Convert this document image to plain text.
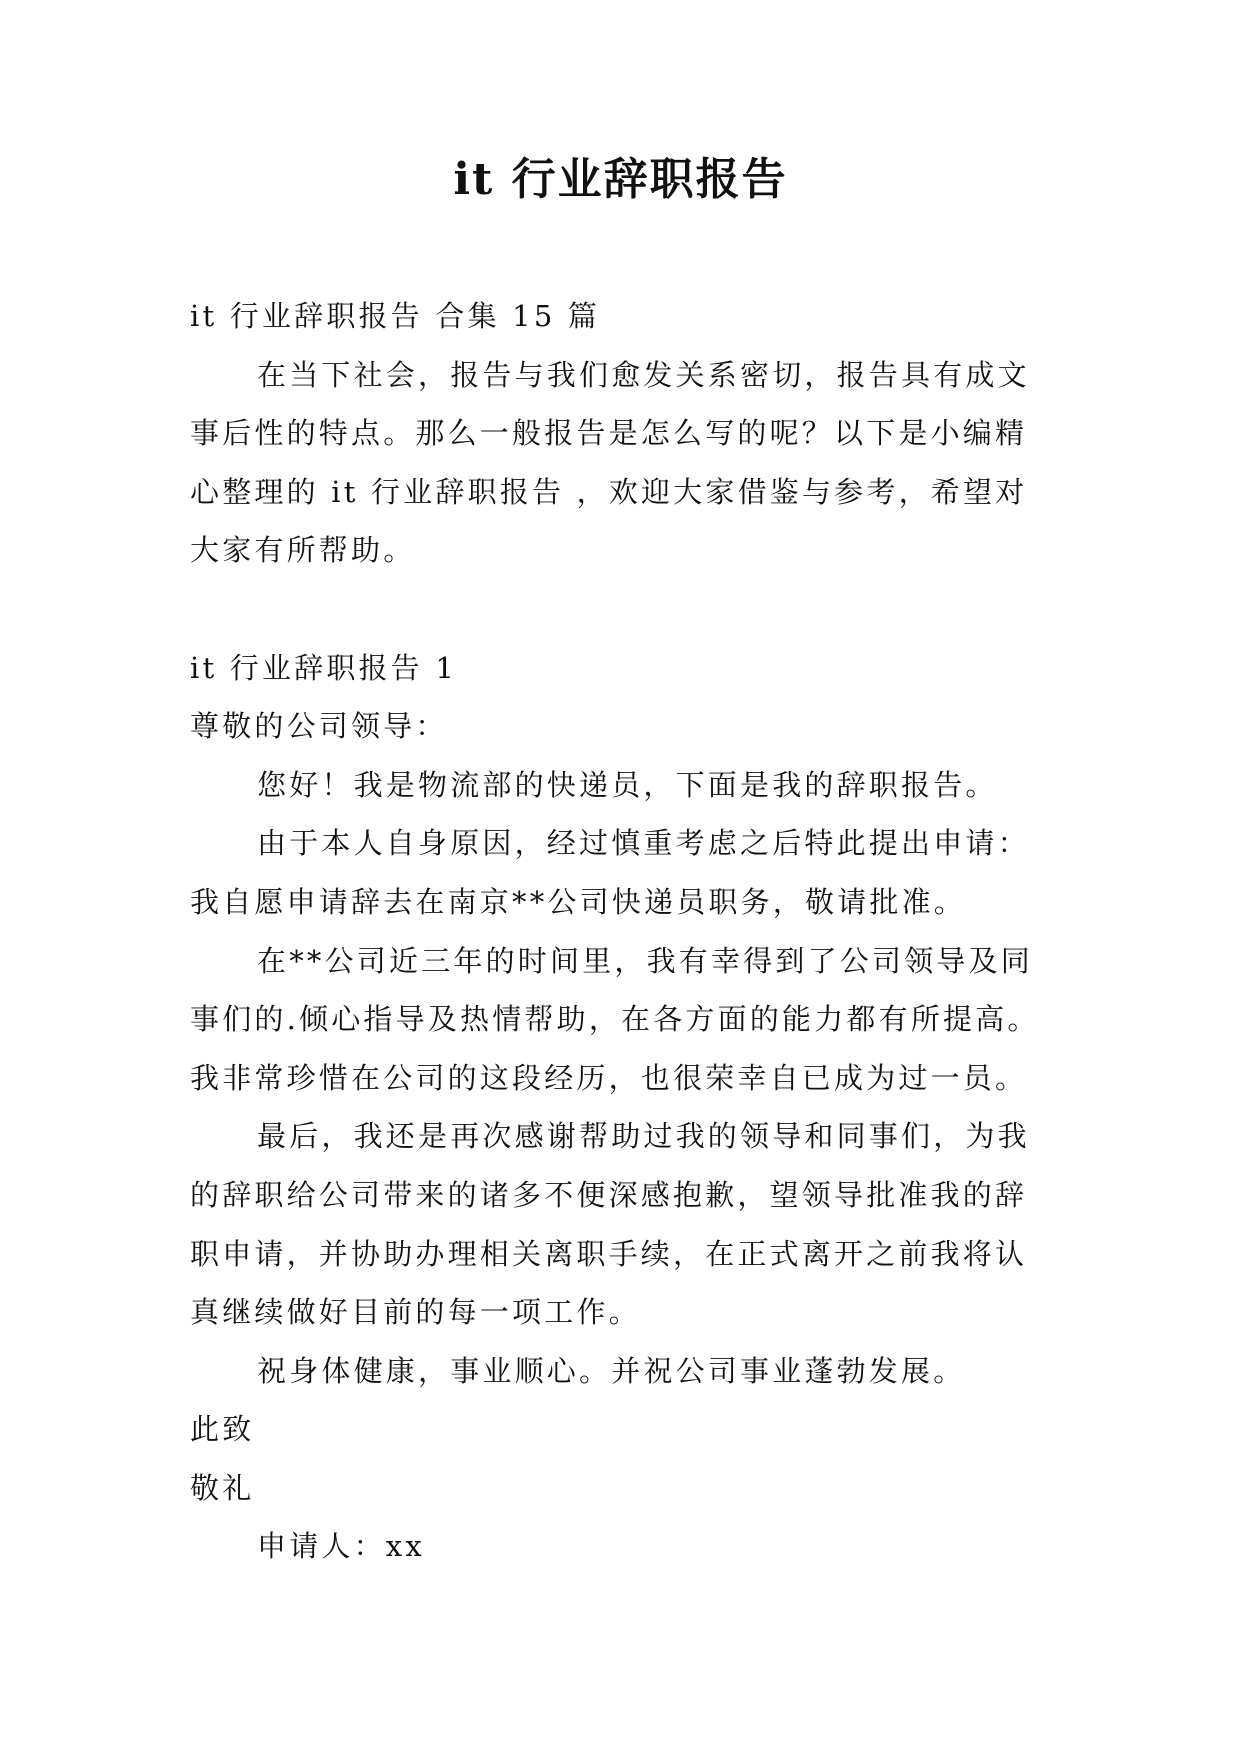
it 行业辞职报告
it 行业辞职报告 合集 15 篇
在当下社会，报告与我们愈发关系密切，报告具有成文
事后性的特点。那么一般报告是怎么写的呢？以下是小编精
心整理的 it 行业辞职报告 ，欢迎大家借鉴与参考，希望对
大家有所帮助。
it 行业辞职报告 1
尊敬的公司领导：
您好！我是物流部的快递员，下面是我的辞职报告。
由于本人自身原因，经过慎重考虑之后特此提出申请：
我自愿申请辞去在南京**公司快递员职务，敬请批准。
在**公司近三年的时间里，我有幸得到了公司领导及同
事们的.倾心指导及热情帮助，在各方面的能力都有所提高。
我非常珍惜在公司的这段经历，也很荣幸自已成为过一员。
最后，我还是再次感谢帮助过我的领导和同事们，为我
的辞职给公司带来的诸多不便深感抱歉，望领导批准我的辞
职申请，并协助办理相关离职手续，在正式离开之前我将认
真继续做好目前的每一项工作。
祝身体健康，事业顺心。并祝公司事业蓬勃发展。
此致
敬礼
申请人：xx
